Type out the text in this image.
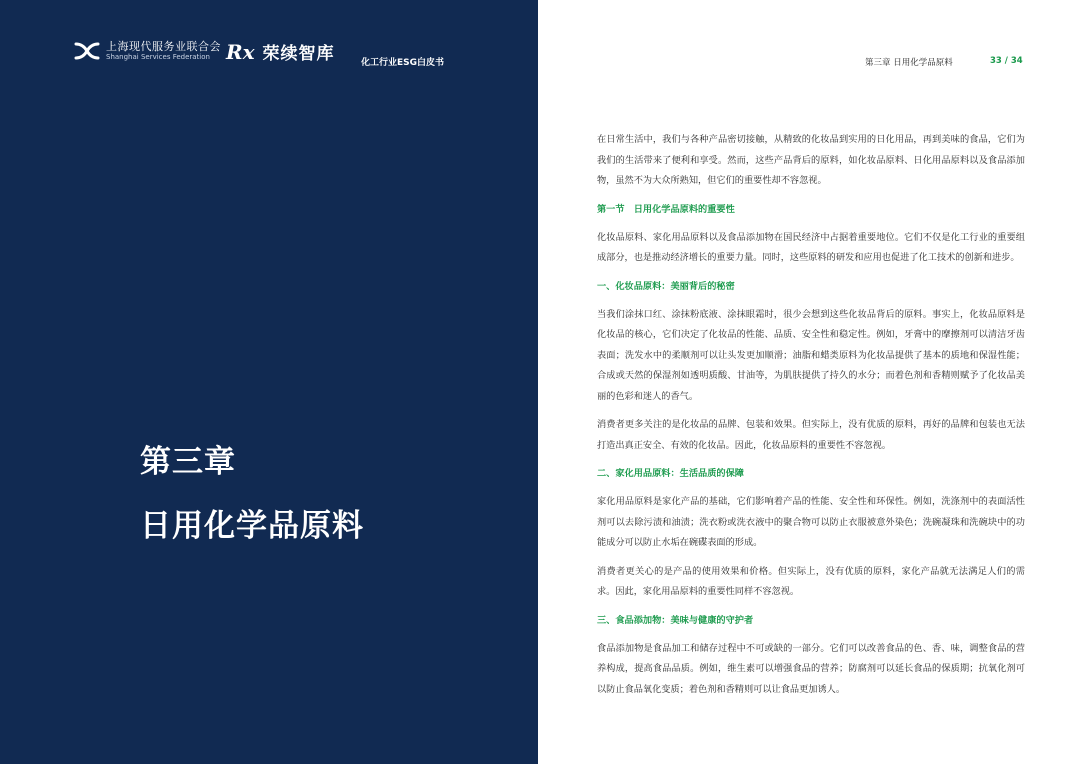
上海现代服务业联合会
Shanghai Services Federation Rx 荣续智库	化工行业ESG白皮书
第三章
日用化学品原料
第三章 日用化学品原料	33 / 34

在日常生活中，我们与各种产品密切接触，从精致的化妆品到实用的日化用品，再到美味的食品，它们为我们的生活带来了便利和享受。然而，这些产品背后的原料，如化妆品原料、日化用品原料以及食品添加物，虽然不为大众所熟知，但它们的重要性却不容忽视。

第一节　日用化学品原料的重要性

化妆品原料、家化用品原料以及食品添加物在国民经济中占据着重要地位。它们不仅是化工行业的重要组成部分，也是推动经济增长的重要力量。同时，这些原料的研发和应用也促进了化工技术的创新和进步。

一、化妆品原料：美丽背后的秘密

当我们涂抹口红、涂抹粉底液、涂抹眼霜时，很少会想到这些化妆品背后的原料。事实上，化妆品原料是化妆品的核心，它们决定了化妆品的性能、品质、安全性和稳定性。例如，牙膏中的摩擦剂可以清洁牙齿表面；洗发水中的柔顺剂可以让头发更加顺滑；油脂和蜡类原料为化妆品提供了基本的质地和保湿性能；合成或天然的保湿剂如透明质酸、甘油等，为肌肤提供了持久的水分；而着色剂和香精则赋予了化妆品美丽的色彩和迷人的香气。

消费者更多关注的是化妆品的品牌、包装和效果。但实际上，没有优质的原料，再好的品牌和包装也无法打造出真正安全、有效的化妆品。因此，化妆品原料的重要性不容忽视。

二、家化用品原料：生活品质的保障

家化用品原料是家化产品的基础，它们影响着产品的性能、安全性和环保性。例如，洗涤剂中的表面活性剂可以去除污渍和油渍；洗衣粉或洗衣液中的聚合物可以防止衣服被意外染色；洗碗凝珠和洗碗块中的功能成分可以防止水垢在碗碟表面的形成。

消费者更关心的是产品的使用效果和价格。但实际上，没有优质的原料，家化产品就无法满足人们的需求。因此，家化用品原料的重要性同样不容忽视。

三、食品添加物：美味与健康的守护者

食品添加物是食品加工和储存过程中不可或缺的一部分。它们可以改善食品的色、香、味，调整食品的营养构成，提高食品品质。例如，维生素可以增强食品的营养；防腐剂可以延长食品的保质期；抗氧化剂可以防止食品氧化变质；着色剂和香精则可以让食品更加诱人。
